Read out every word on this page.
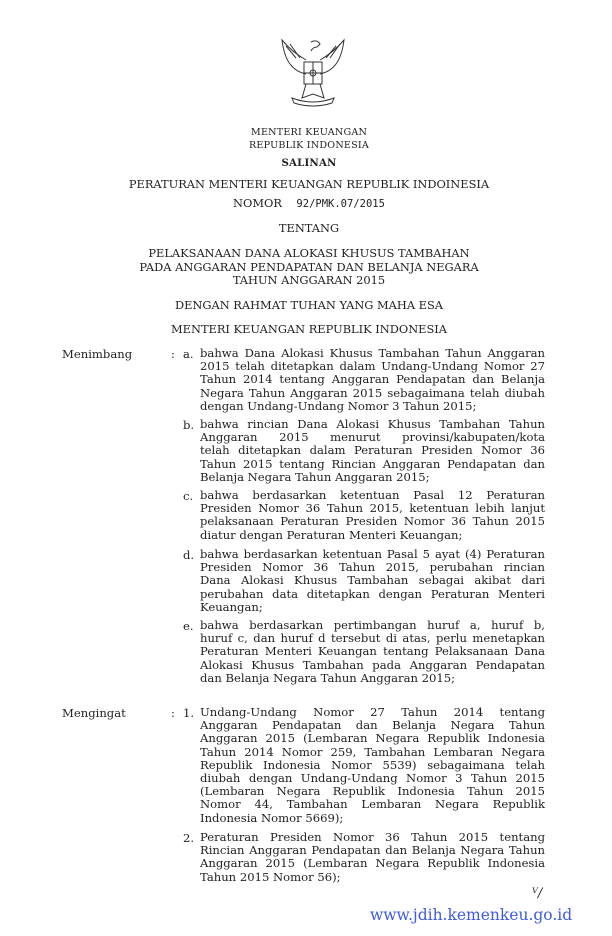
MENTERI KEUANGAN
REPUBLIK INDONESIA
SALINAN
PERATURAN MENTERI KEUANGAN REPUBLIK INDOINESIA
NOMOR 92/PMK.07/2015
TENTANG
PELAKSANAAN DANA ALOKASI KHUSUS TAMBAHAN
PADA ANGGARAN PENDAPATAN DAN BELANJA NEGARA
TAHUN ANGGARAN 2015
DENGAN RAHMAT TUHAN YANG MAHA ESA
MENTERI KEUANGAN REPUBLIK INDONESIA
Menimbang	: a. bahwa Dana Alokasi Khusus Tambahan Tahun Anggaran
2015 telah ditetapkan dalam Undang-Undang Nomor 27
Tahun 2014 tentang Anggaran Pendapatan dan Belanja
Negara Tahun Anggaran 2015 sebagaimana telah diubah
dengan Undang-Undang Nomor 3 Tahun 2015;
b. bahwa rincian Dana Alokasi Khusus Tambahan Tahun
Anggaran 2015 menurut provinsi/kabupaten/kota
telah ditetapkan dalam Peraturan Presiden Nomor 36
Tahun 2015 tentang Rincian Anggaran Pendapatan dan
Belanja Negara Tahun Anggaran 2015;
c. bahwa berdasarkan ketentuan Pasal 12 Peraturan
Presiden Nomor 36 Tahun 2015, ketentuan lebih lanjut
pelaksanaan Peraturan Presiden Nomor 36 Tahun 2015
diatur dengan Peraturan Menteri Keuangan;
d. bahwa berdasarkan ketentuan Pasal 5 ayat (4) Peraturan
Presiden Nomor 36 Tahun 2015, perubahan rincian
Dana Alokasi Khusus Tambahan sebagai akibat dari
perubahan data ditetapkan dengan Peraturan Menteri
Keuangan;
e. bahwa berdasarkan pertimbangan huruf a, huruf b,
huruf c, dan huruf d tersebut di atas, perlu menetapkan
Peraturan Menteri Keuangan tentang Pelaksanaan Dana
Alokasi Khusus Tambahan pada Anggaran Pendapatan
dan Belanja Negara Tahun Anggaran 2015;
Mengingat	: 1. Undang-Undang Nomor 27 Tahun 2014 tentang
Anggaran Pendapatan dan Belanja Negara Tahun
Anggaran 2015 (Lembaran Negara Republik Indonesia
Tahun 2014 Nomor 259, Tambahan Lembaran Negara
Republik Indonesia Nomor 5539) sebagaimana telah
diubah dengan Undang-Undang Nomor 3 Tahun 2015
(Lembaran Negara Republik Indonesia Tahun 2015
Nomor 44, Tambahan Lembaran Negara Republik
Indonesia Nomor 5669);
2. Peraturan Presiden Nomor 36 Tahun 2015 tentang
Rincian Anggaran Pendapatan dan Belanja Negara Tahun
Anggaran 2015 (Lembaran Negara Republik Indonesia
Tahun 2015 Nomor 56);
ⱽ/
www.jdih.kemenkeu.go.id
